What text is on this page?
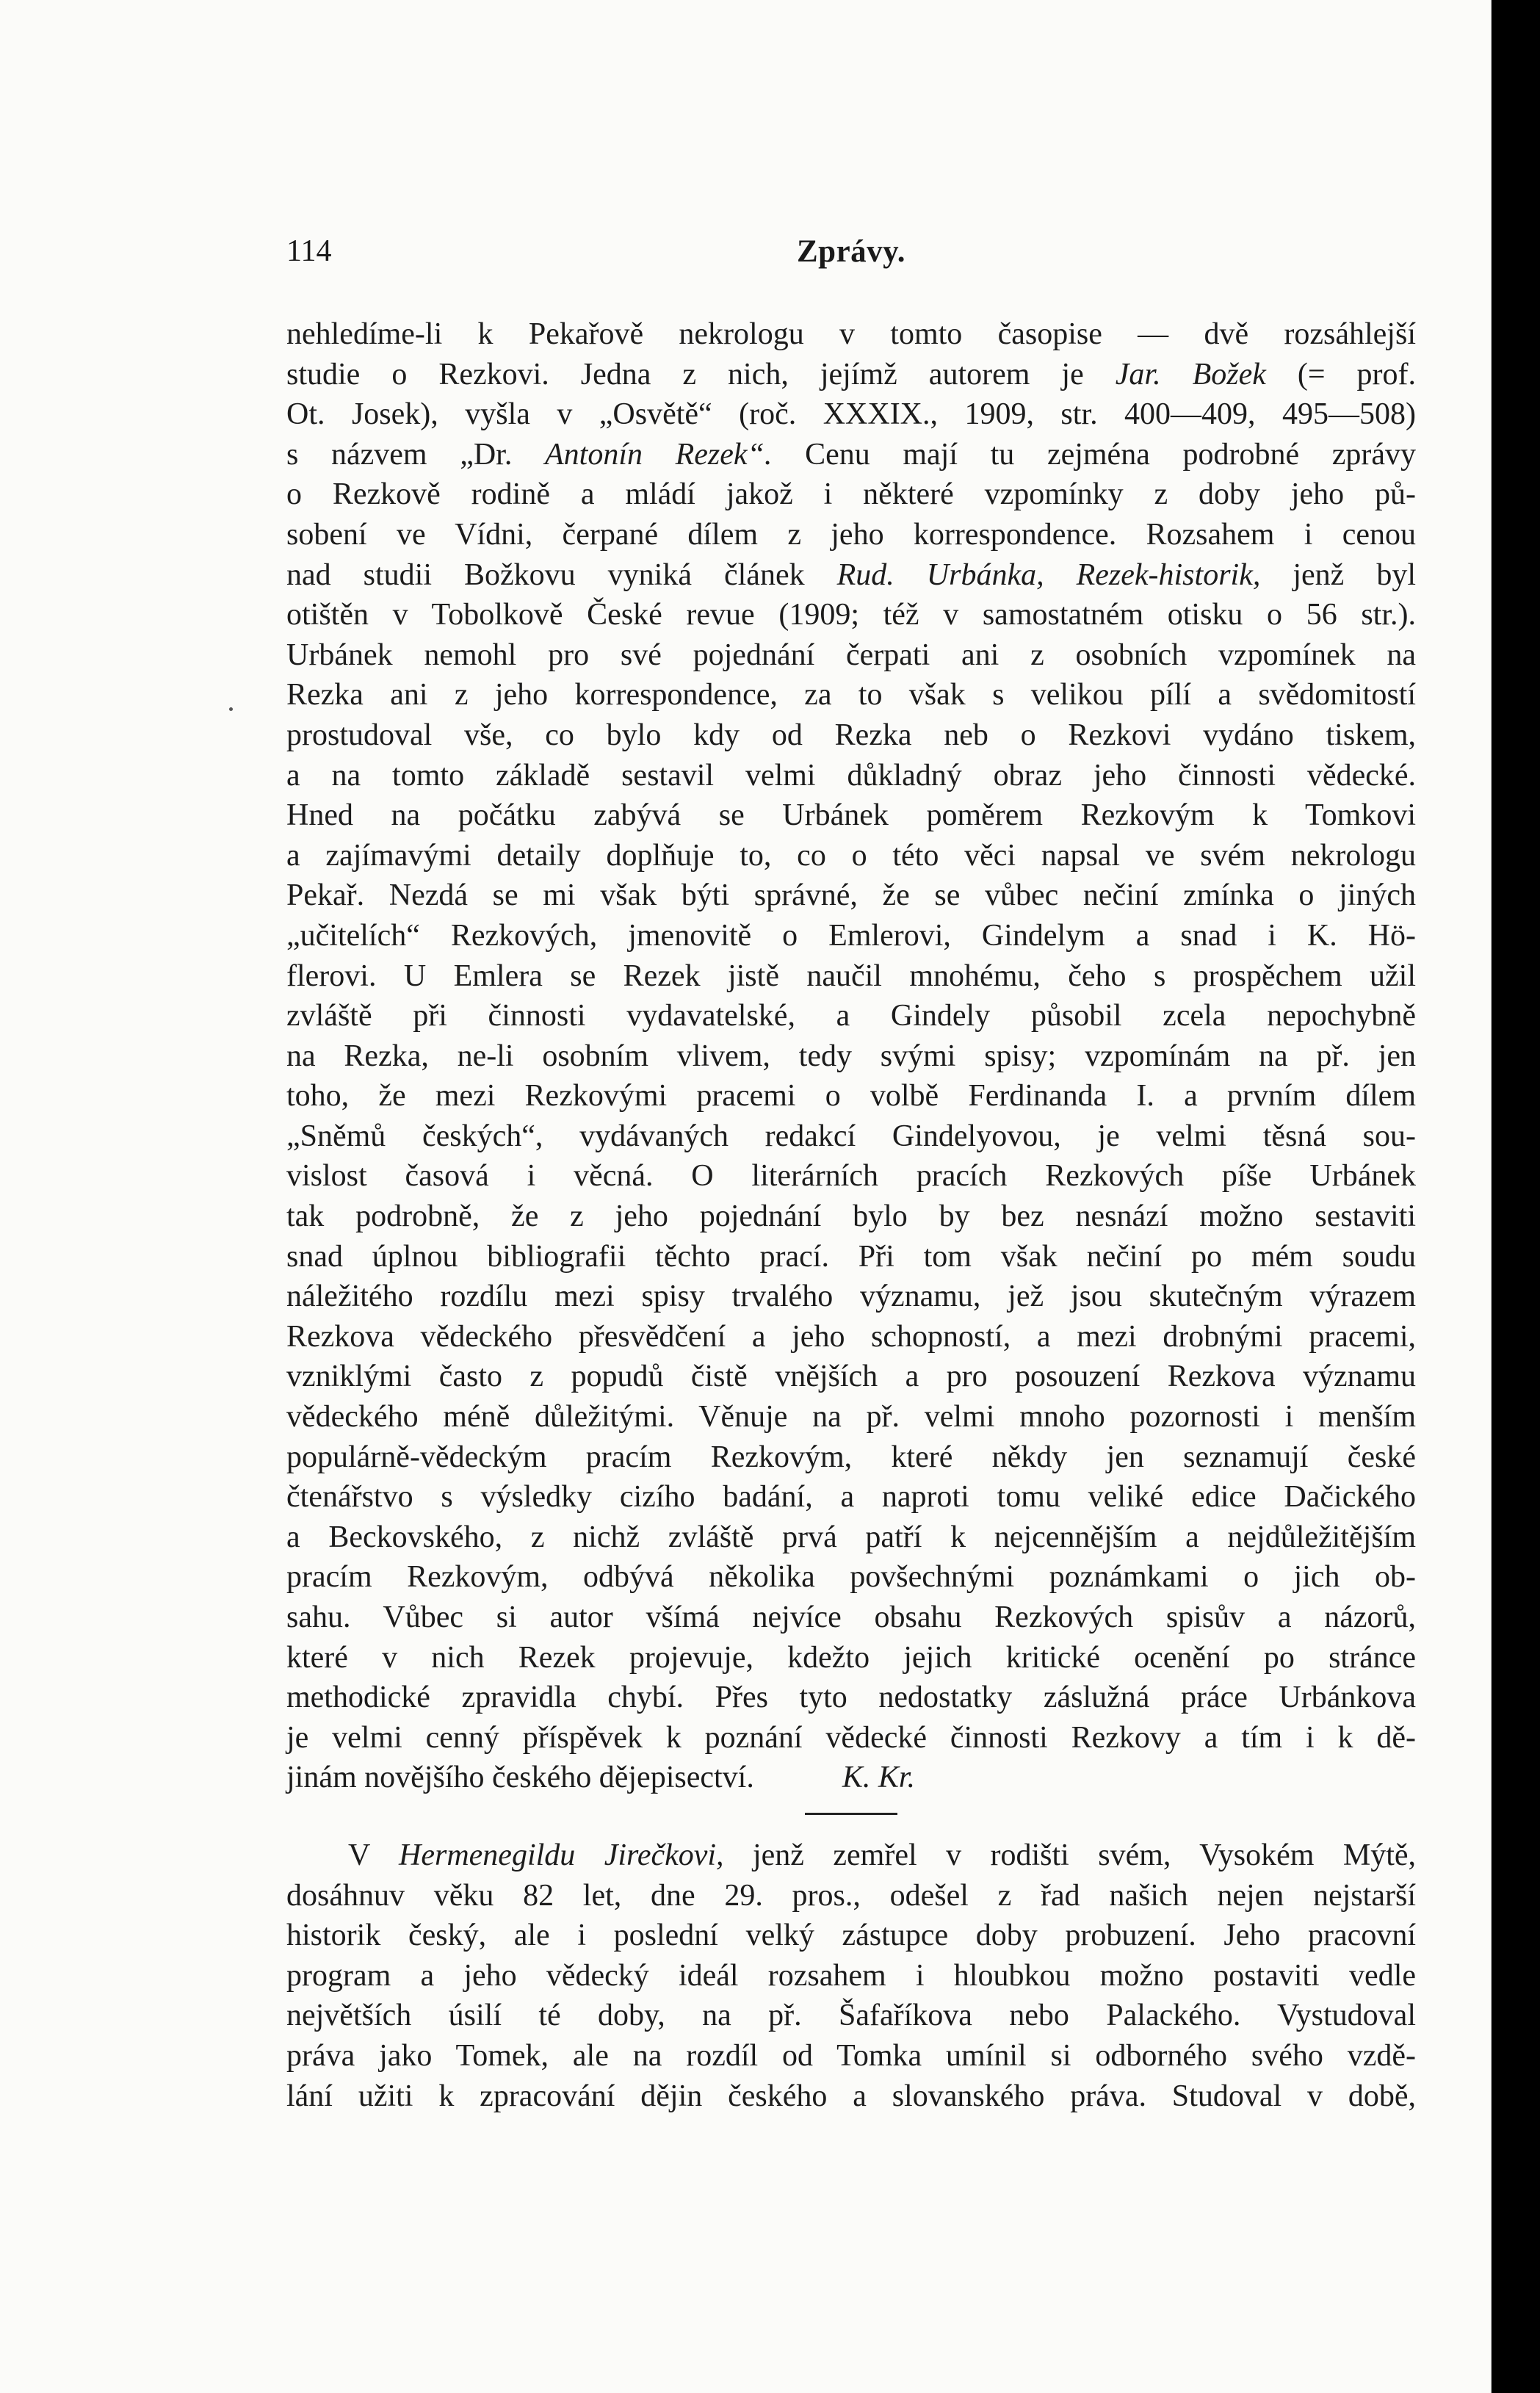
114	Zprávy.
nehledíme-li k Pekařově nekrologu v tomto časopise — dvě rozsáhlejší
studie o Rezkovi. Jedna z nich, jejímž autorem je Jar. Božek (= prof.
Ot. Josek), vyšla v „Osvětě“ (roč. XXXIX., 1909, str. 400—409, 495—508)
s názvem „Dr. Antonín Rezek“. Cenu mají tu zejména podrobné zprávy
o Rezkově rodině a mládí jakož i některé vzpomínky z doby jeho pů-
sobení ve Vídni, čerpané dílem z jeho korrespondence. Rozsahem i cenou
nad studii Božkovu vyniká článek Rud. Urbánka, Rezek-historik, jenž byl
otištěn v Tobolkově České revue (1909; též v samostatném otisku o 56 str.).
Urbánek nemohl pro své pojednání čerpati ani z osobních vzpomínek na
Rezka ani z jeho korrespondence, za to však s velikou pílí a svědomitostí
prostudoval vše, co bylo kdy od Rezka neb o Rezkovi vydáno tiskem,
a na tomto základě sestavil velmi důkladný obraz jeho činnosti vědecké.
Hned na počátku zabývá se Urbánek poměrem Rezkovým k Tomkovi
a zajímavými detaily doplňuje to, co o této věci napsal ve svém nekrologu
Pekař. Nezdá se mi však býti správné, že se vůbec nečiní zmínka o jiných
„učitelích“ Rezkových, jmenovitě o Emlerovi, Gindelym a snad i K. Hö-
flerovi. U Emlera se Rezek jistě naučil mnohému, čeho s prospěchem užil
zvláště při činnosti vydavatelské, a Gindely působil zcela nepochybně
na Rezka, ne-li osobním vlivem, tedy svými spisy; vzpomínám na př. jen
toho, že mezi Rezkovými pracemi o volbě Ferdinanda I. a prvním dílem
„Sněmů českých“, vydávaných redakcí Gindelyovou, je velmi těsná sou-
vislost časová i věcná. O literárních pracích Rezkových píše Urbánek
tak podrobně, že z jeho pojednání bylo by bez nesnází možno sestaviti
snad úplnou bibliografii těchto prací. Při tom však nečiní po mém soudu
náležitého rozdílu mezi spisy trvalého významu, jež jsou skutečným výrazem
Rezkova vědeckého přesvědčení a jeho schopností, a mezi drobnými pracemi,
vzniklými často z popudů čistě vnějších a pro posouzení Rezkova významu
vědeckého méně důležitými. Věnuje na př. velmi mnoho pozornosti i menším
populárně-vědeckým pracím Rezkovým, které někdy jen seznamují české
čtenářstvo s výsledky cizího badání, a naproti tomu veliké edice Dačického
a Beckovského, z nichž zvláště prvá patří k nejcennějším a nejdůležitějším
pracím Rezkovým, odbývá několika povšechnými poznámkami o jich ob-
sahu. Vůbec si autor všímá nejvíce obsahu Rezkových spisův a názorů,
které v nich Rezek projevuje, kdežto jejich kritické ocenění po stránce
methodické zpravidla chybí. Přes tyto nedostatky záslužná práce Urbánkova
je velmi cenný příspěvek k poznání vědecké činnosti Rezkovy a tím i k dě-
jinám novějšího českého dějepisectví.	K. Kr.
V Hermenegildu Jirečkovi, jenž zemřel v rodišti svém, Vysokém Mýtě,
dosáhnuv věku 82 let, dne 29. pros., odešel z řad našich nejen nejstarší
historik český, ale i poslední velký zástupce doby probuzení. Jeho pracovní
program a jeho vědecký ideál rozsahem i hloubkou možno postaviti vedle
největších úsilí té doby, na př. Šafaříkova nebo Palackého. Vystudoval
práva jako Tomek, ale na rozdíl od Tomka umínil si odborného svého vzdě-
lání užiti k zpracování dějin českého a slovanského práva. Studoval v době,
